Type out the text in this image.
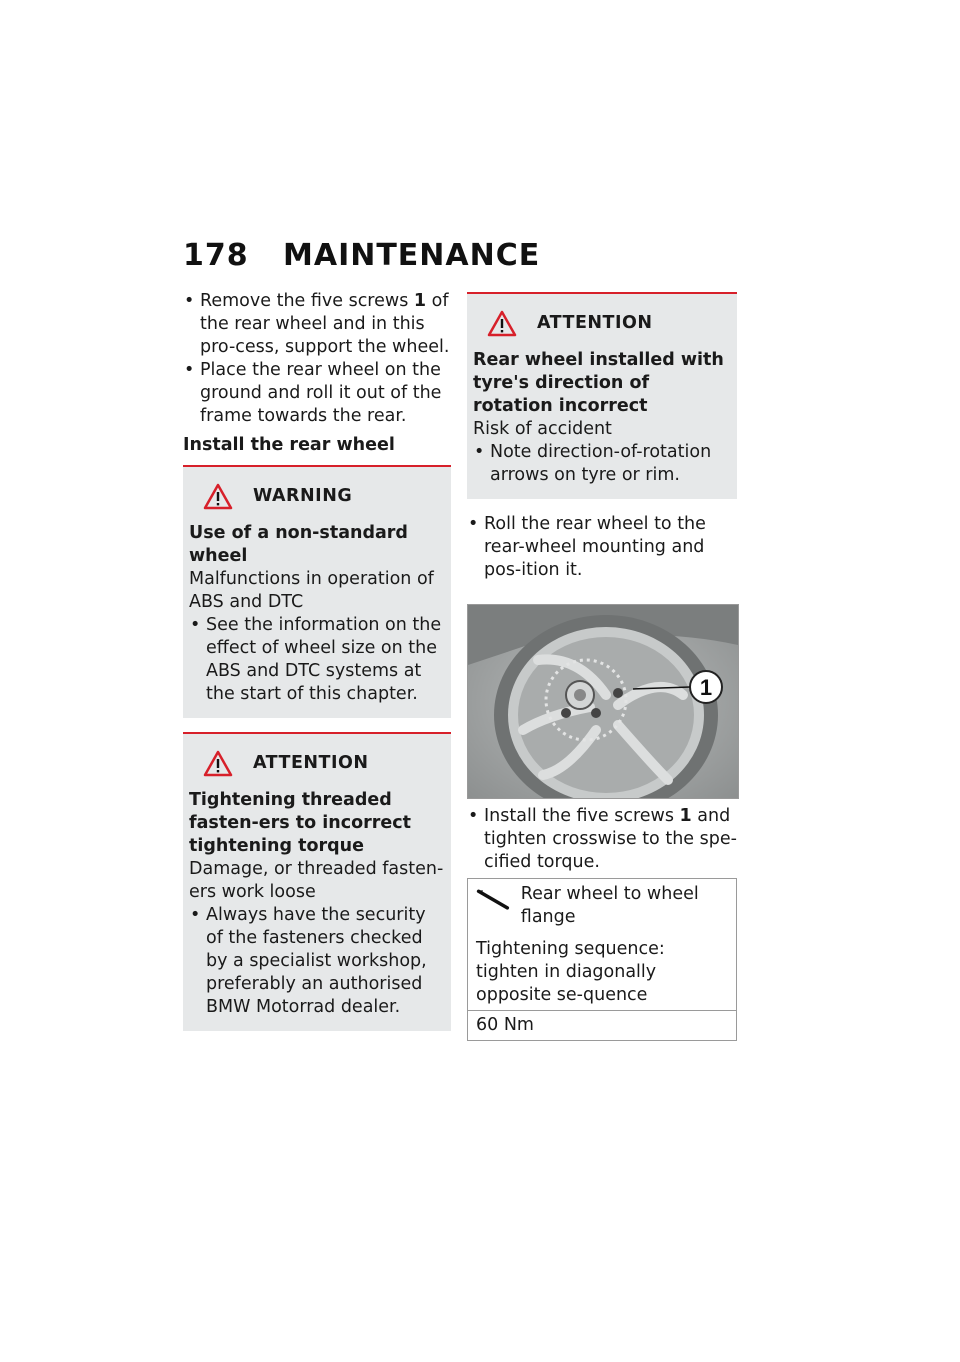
178 MAINTENANCE

• Remove the five screws 1 of the rear wheel and in this pro-cess, support the wheel.

• Place the rear wheel on the ground and roll it out of the frame towards the rear.

Install the rear wheel
WARNING
Use of a non-standard wheel
Malfunctions in operation of ABS and DTC

• See the information on the effect of wheel size on the ABS and DTC systems at the start of this chapter.

ATTENTION
Tightening threaded fasten-ers to incorrect tightening torque
Damage, or threaded fasten-ers work loose

• Always have the security of the fasteners checked by a specialist workshop, preferably an authorised BMW Motorrad dealer.

ATTENTION
Rear wheel installed with tyre's direction of rotation incorrect
Risk of accident

• Note direction-of-rotation arrows on tyre or rim.

• Roll the rear wheel to the rear-wheel mounting and pos-ition it.

1

• Install the five screws 1 and tighten crosswise to the spe-cified torque.

Rear wheel to wheel flange
Tightening sequence: tighten in diagonally opposite se-quence
60 Nm
